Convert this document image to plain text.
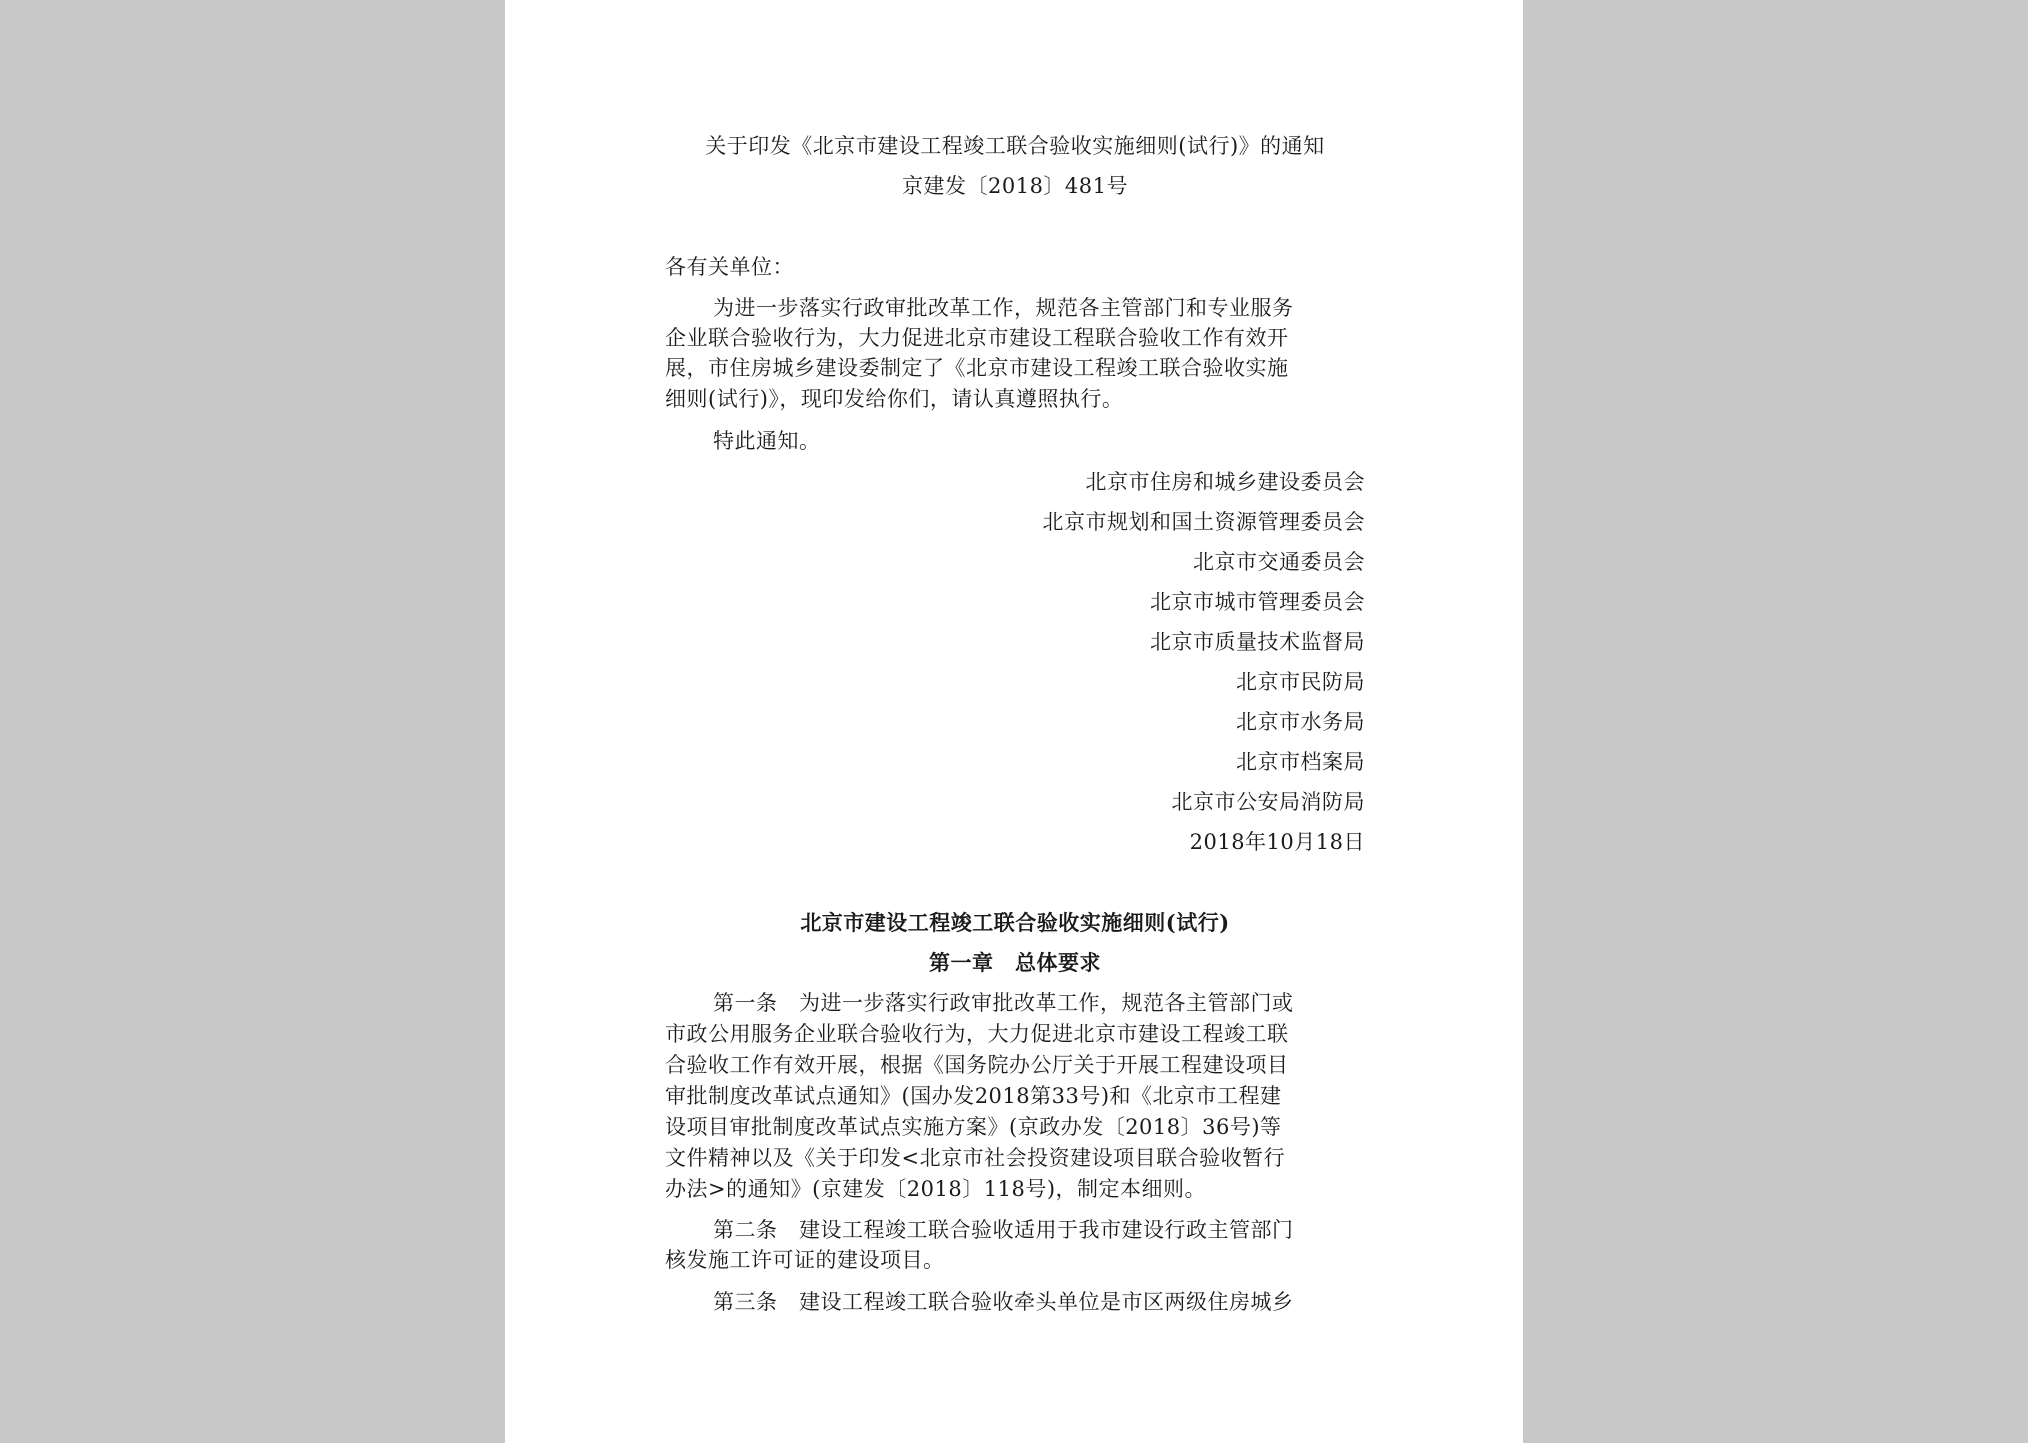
关于印发《北京市建设工程竣工联合验收实施细则(试行)》的通知
京建发〔2018〕481号
各有关单位：
为进一步落实行政审批改革工作，规范各主管部门和专业服务
企业联合验收行为，大力促进北京市建设工程联合验收工作有效开
展，市住房城乡建设委制定了《北京市建设工程竣工联合验收实施
细则(试行)》，现印发给你们，请认真遵照执行。
特此通知。
北京市住房和城乡建设委员会
北京市规划和国土资源管理委员会
北京市交通委员会
北京市城市管理委员会
北京市质量技术监督局
北京市民防局
北京市水务局
北京市档案局
北京市公安局消防局
2018年10月18日
北京市建设工程竣工联合验收实施细则(试行)
第一章　总体要求
第一条　为进一步落实行政审批改革工作，规范各主管部门或
市政公用服务企业联合验收行为，大力促进北京市建设工程竣工联
合验收工作有效开展，根据《国务院办公厅关于开展工程建设项目
审批制度改革试点通知》(国办发2018第33号)和《北京市工程建
设项目审批制度改革试点实施方案》(京政办发〔2018〕36号)等
文件精神以及《关于印发<北京市社会投资建设项目联合验收暂行
办法>的通知》(京建发〔2018〕118号)，制定本细则。
第二条　建设工程竣工联合验收适用于我市建设行政主管部门
核发施工许可证的建设项目。
第三条　建设工程竣工联合验收牵头单位是市区两级住房城乡
